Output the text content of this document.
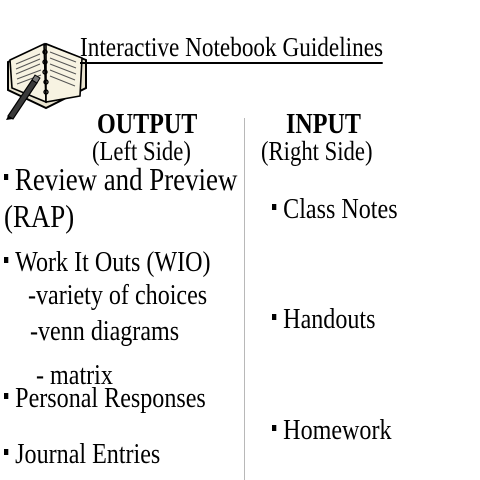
Interactive Notebook Guidelines
OUTPUT
(Left Side)
INPUT
(Right Side)
Review and Preview
(RAP)
Work It Outs (WIO)
-variety of choices
-venn diagrams
- matrix
Personal Responses
Journal Entries
Class Notes
Handouts
Homework
